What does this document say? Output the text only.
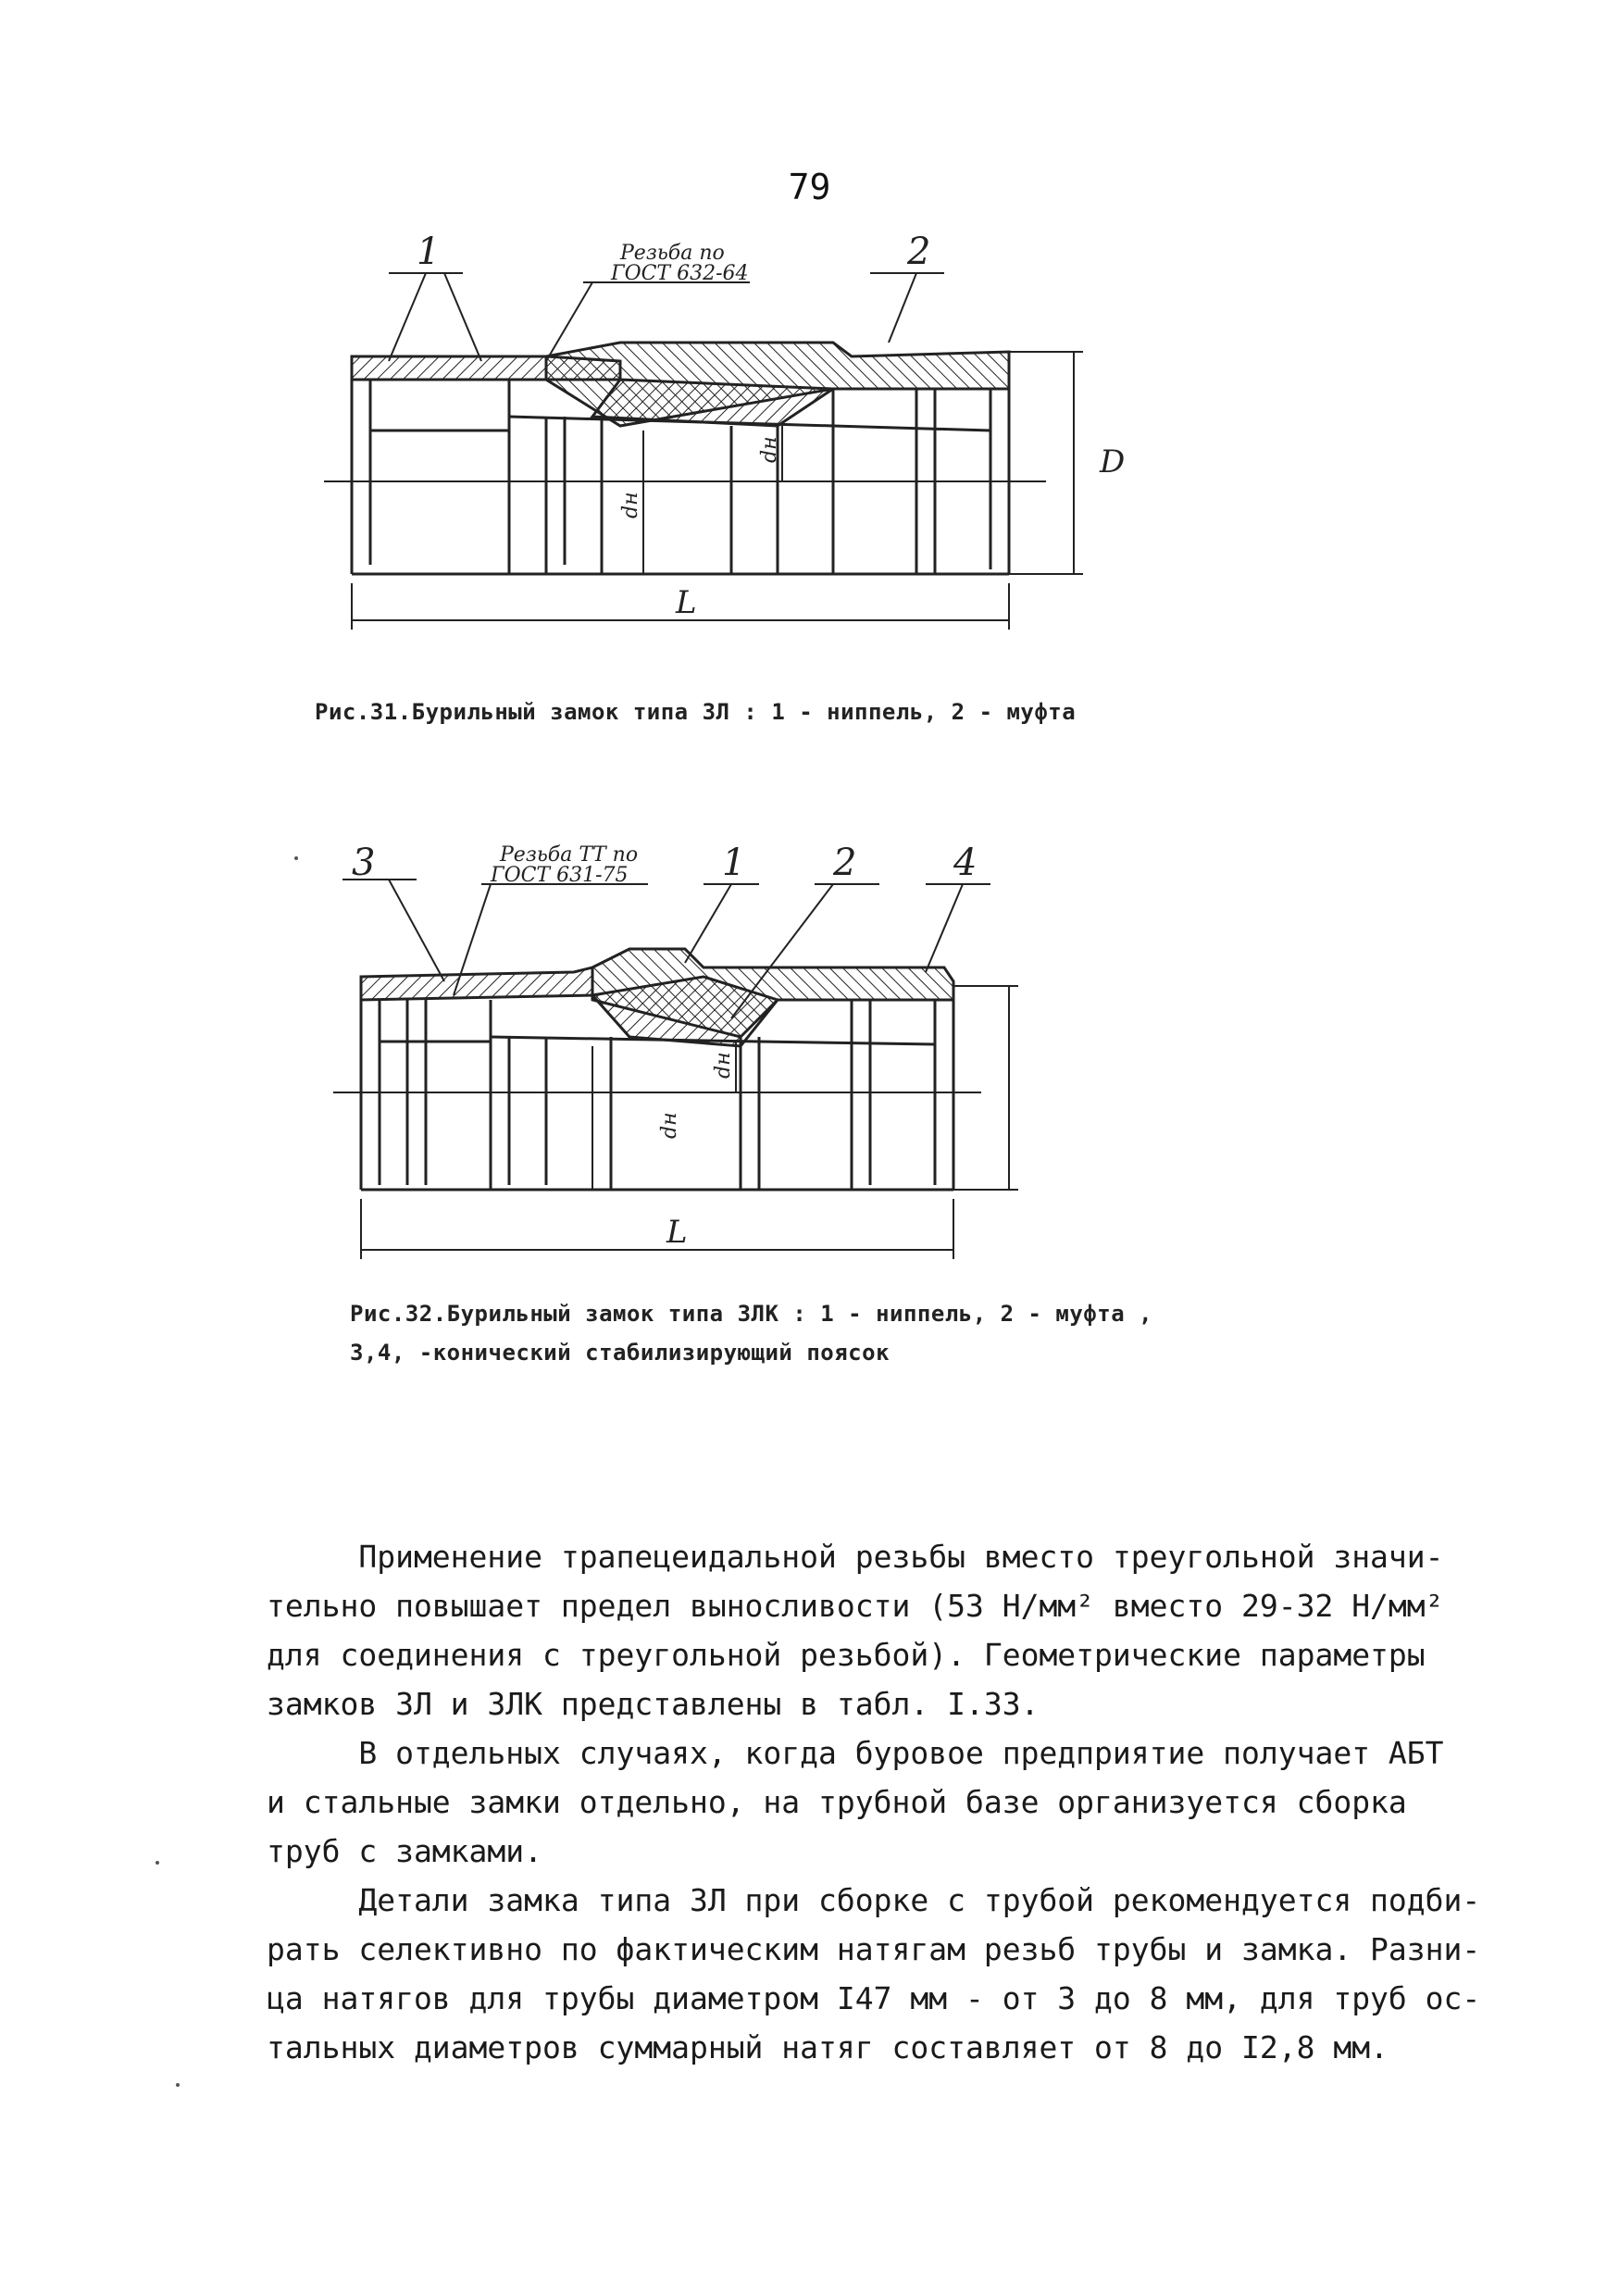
79
1	2
Резьба по
ГОСТ 632-64
dн
dн	D
L
Рис.31.Бурильный замок типа ЗЛ : 1 - ниппель, 2 - муфта
3	1 2	4
Резьба ТТ по
ГОСТ 631-75
dн
dн
L
Рис.32.Бурильный замок типа ЗЛК : 1 - ниппель, 2 - муфта ,
3,4, -конический стабилизирующий поясок

Применение трапецеидальной резьбы вместо треугольной значи-

тельно повышает предел выносливости (53 Н/мм² вместо 29-32 Н/мм²

для соединения с треугольной резьбой). Геометрические параметры

замков ЗЛ и ЗЛК представлены в табл. I.33.

В отдельных случаях, когда буровое предприятие получает АБТ

и стальные замки отдельно, на трубной базе организуется сборка

труб с замками.

Детали замка типа ЗЛ при сборке с трубой рекомендуется подби-

рать селективно по фактическим натягам резьб трубы и замка. Разни-

ца натягов для трубы диаметром I47 мм - от 3 до 8 мм, для труб ос-

тальных диаметров суммарный натяг составляет от 8 до I2,8 мм.
